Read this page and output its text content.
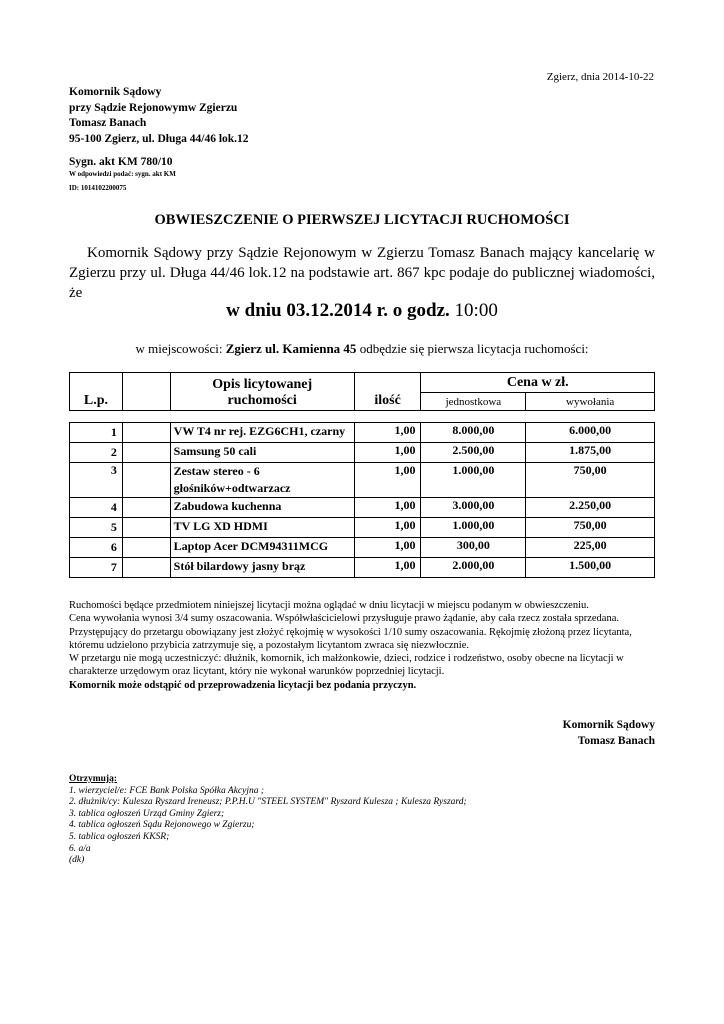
Zgierz, dnia 2014-10-22
Komornik Sądowy
przy Sądzie Rejonowymw Zgierzu
Tomasz Banach
95-100 Zgierz, ul. Długa 44/46 lok.12
Sygn. akt KM 780/10
W odpowiedzi podać: sygn. akt KM
ID: 1014102200075
OBWIESZCZENIE O PIERWSZEJ LICYTACJI RUCHOMOŚCI
Komornik Sądowy przy Sądzie Rejonowym w Zgierzu Tomasz Banach mający kancelarię w Zgierzu przy ul. Długa 44/46 lok.12 na podstawie art. 867 kpc podaje do publicznej wiadomości, że
w dniu 03.12.2014 r. o godz. 10:00
w miejscowości: Zgierz ul. Kamienna 45 odbędzie się pierwsza licytacja ruchomości:
L.p.		Opis licytowanej	ilość	Cena w zł.	
		ruchomości		jednostkowa	wywołania

1		VW T4 nr rej. EZG6CH1, czarny	1,00	8.000,00	6.000,00
2		Samsung 50 cali	1,00	2.500,00	1.875,00
3		Zestaw stereo - 6 głośników+odtwarzacz	1,00	1.000,00	750,00
4		Zabudowa kuchenna	1,00	3.000,00	2.250,00
5		TV LG XD HDMI	1,00	1.000,00	750,00
6		Laptop Acer DCM94311MCG	1,00	300,00	225,00
7		Stół bilardowy jasny brąz	1,00	2.000,00	1.500,00
Ruchomości będące przedmiotem niniejszej licytacji można oglądać w dniu licytacji w miejscu podanym w obwieszczeniu.
Cena wywołania wynosi 3/4 sumy oszacowania. Współwłaścicielowi przysługuje prawo żądanie, aby cała rzecz została sprzedana.
Przystępujący do przetargu obowiązany jest złożyć rękojmię w wysokości 1/10 sumy oszacowania. Rękojmię złożoną przez licytanta, któremu udzielono przybicia zatrzymuje się, a pozostałym licytantom zwraca się niezwłocznie.
W przetargu nie mogą uczestniczyć: dłużnik, komornik, ich małżonkowie, dzieci, rodzice i rodzeństwo, osoby obecne na licytacji w charakterze urzędowym oraz licytant, który nie wykonał warunków poprzedniej licytacji.
Komornik może odstąpić od przeprowadzenia licytacji bez podania przyczyn.
Komornik Sądowy
Tomasz Banach
Otrzymują:
1. wierzyciel/e: FCE Bank Polska Spółka Akcyjna ;
2. dłużnik/cy: Kulesza Ryszard Ireneusz; P.P.H.U "STEEL SYSTEM" Ryszard Kulesza ; Kulesza Ryszard;
3. tablica ogłoszeń Urząd Gminy Zgierz;
4. tablica ogłoszeń Sądu Rejonowego w Zgierzu;
5. tablica ogłoszeń KKSR;
6. a/a
(dk)
